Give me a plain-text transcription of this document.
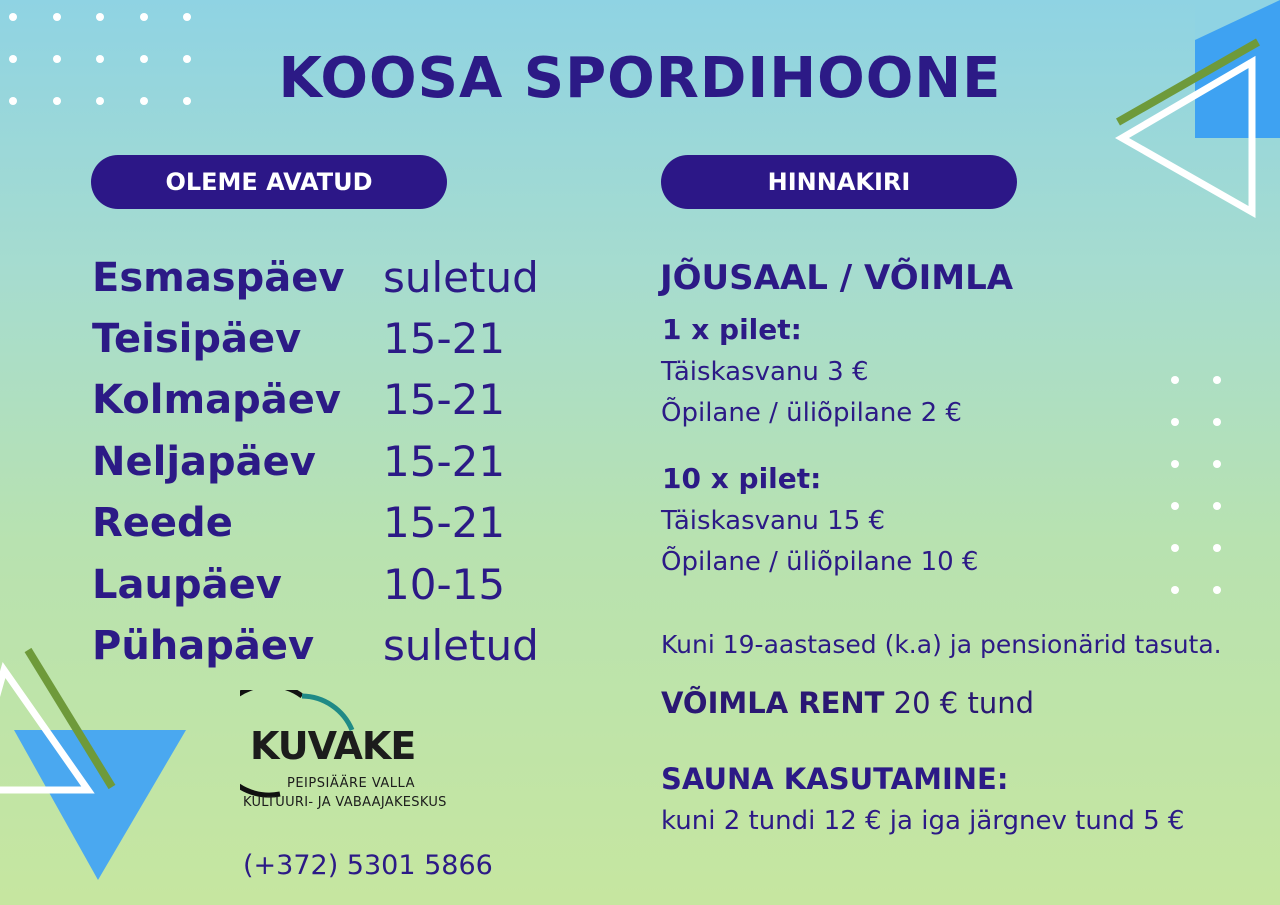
KOOSA SPORDIHOONE
OLEME AVATUD	HINNAKIRI
Esmaspäev suletud
Teisipäev 15-21
Kolmapäev 15-21
Neljapäev 15-21
Reede	15-21
Laupäev 10-15
Pühapäev suletud
JÕUSAAL / VÕIMLA
1 x pilet:
Täiskasvanu 3 €
Õpilane / üliõpilane 2 €
10 x pilet:
Täiskasvanu 15 €
Õpilane / üliõpilane 10 €
Kuni 19-aastased (k.a) ja pensionärid tasuta.
VÕIMLA RENT 20 € tund
SAUNA KASUTAMINE:
kuni 2 tundi 12 € ja iga järgnev tund 5 €
KUVAKE
PEIPSIÄÄRE VALLA
KULTUURI- JA VABAAJAKESKUS
(+372) 5301 5866
